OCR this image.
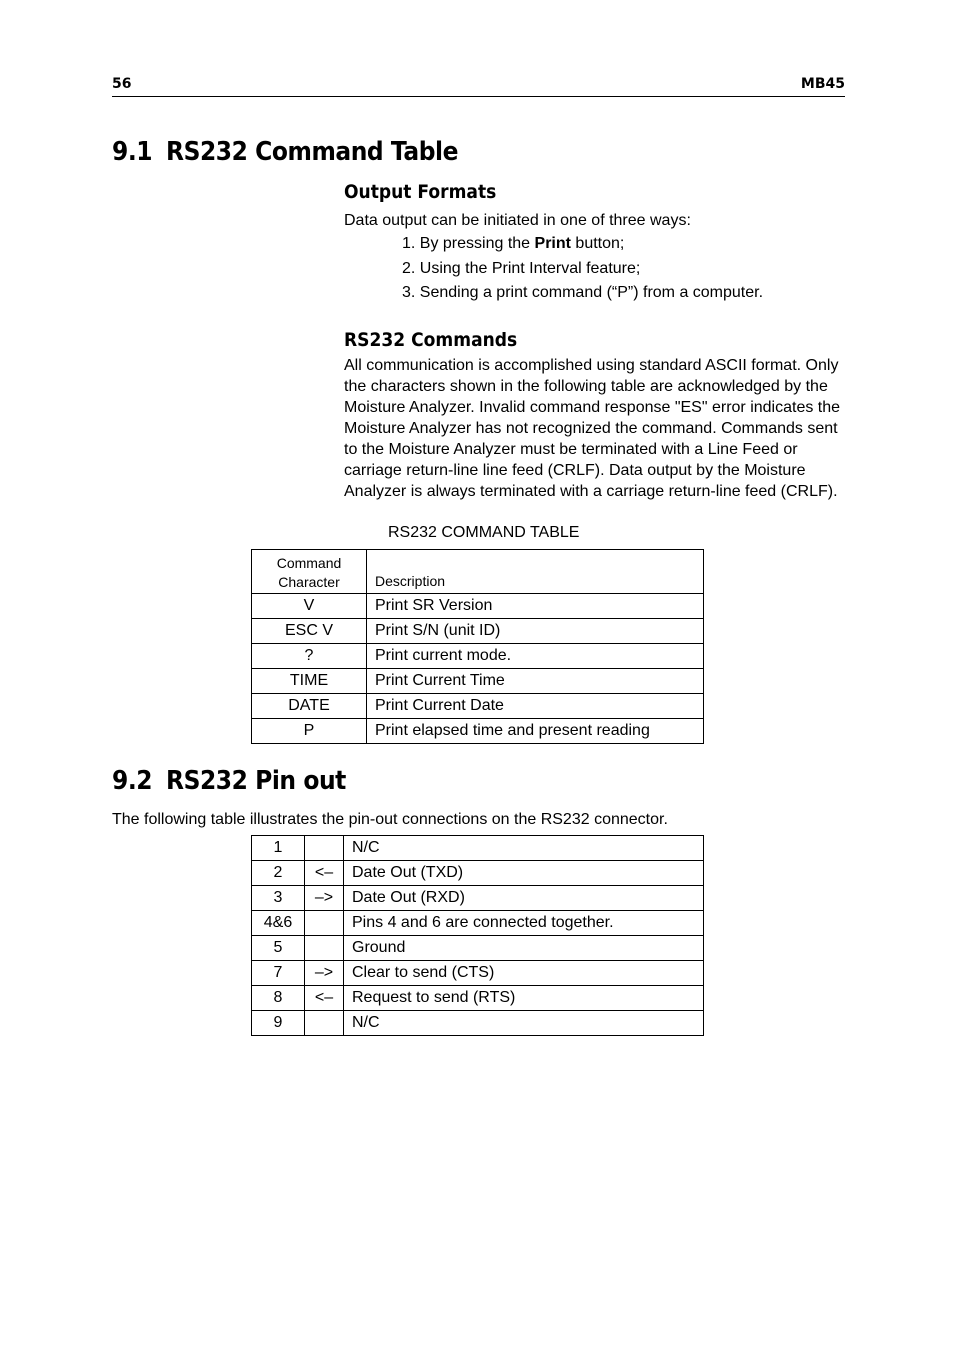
56	MB45
9.1 RS232 Command Table
Output Formats
Data output can be initiated in one of three ways:
1. By pressing the Print button;
2. Using the Print Interval feature;
3. Sending a print command (“P”) from a computer.
RS232 Commands
All communication is accomplished using standard ASCII format. Only
the characters shown in the following table are acknowledged by the
Moisture Analyzer. Invalid command response "ES" error indicates the
Moisture Analyzer has not recognized the command. Commands sent
to the Moisture Analyzer must be terminated with a Line Feed or
carriage return-line line feed (CRLF). Data output by the Moisture
Analyzer is always terminated with a carriage return-line feed (CRLF).
RS232 COMMAND TABLE
Command
Character	Description
V	Print SR Version
ESC V	Print S/N (unit ID)
?	Print current mode.
TIME	Print Current Time
DATE	Print Current Date
P	Print elapsed time and present reading
9.2 RS232 Pin out
The following table illustrates the pin-out connections on the RS232 connector.
1		N/C
2	<–	Date Out (TXD)
3	–>	Date Out (RXD)
4&6		Pins 4 and 6 are connected together.
5		Ground
7	–>	Clear to send (CTS)
8	<–	Request to send (RTS)
9		N/C
